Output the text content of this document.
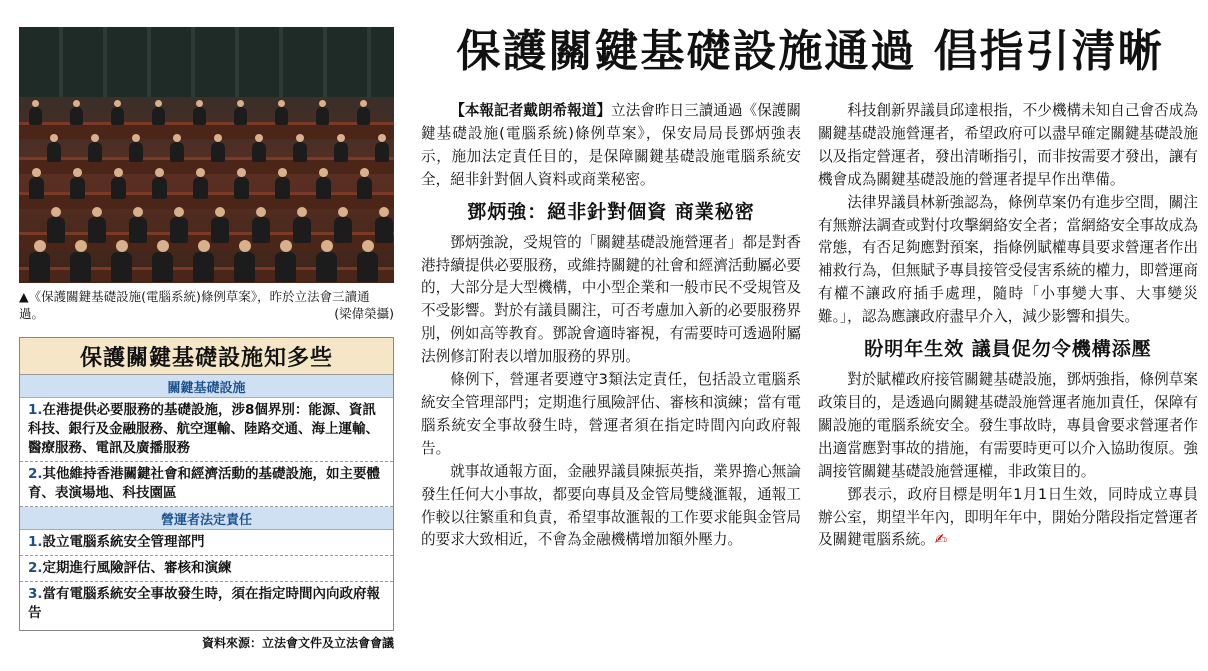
▲《保護關鍵基礎設施(電腦系統)條例草案》，昨於立法會三讀通過。	(梁偉榮攝)
保護關鍵基礎設施知多些
關鍵基礎設施
1.在港提供必要服務的基礎設施，涉8個界別：能源、資訊科技、銀行及金融服務、航空運輸、陸路交通、海上運輸、醫療服務、電訊及廣播服務
2.其他維持香港關鍵社會和經濟活動的基礎設施，如主要體育、表演場地、科技園區
營運者法定責任
1.設立電腦系統安全管理部門
2.定期進行風險評估、審核和演練
3.當有電腦系統安全事故發生時，須在指定時間內向政府報告
資料來源：立法會文件及立法會會議
保護關鍵基礎設施通過 倡指引清晰

【本報記者戴朗希報道】立法會昨日三讀通過《保護關鍵基礎設施(電腦系統)條例草案》，保安局局長鄧炳強表示，施加法定責任目的，是保障關鍵基礎設施電腦系統安全，絕非針對個人資料或商業秘密。

鄧炳強：絕非針對個資 商業秘密

鄧炳強說，受規管的「關鍵基礎設施營運者」都是對香港持續提供必要服務，或維持關鍵的社會和經濟活動屬必要的，大部分是大型機構，中小型企業和一般市民不受規管及不受影響。對於有議員關注，可否考慮加入新的必要服務界別，例如高等教育。鄧說會適時審視，有需要時可透過附屬法例修訂附表以增加服務的界別。

條例下，營運者要遵守3類法定責任，包括設立電腦系統安全管理部門；定期進行風險評估、審核和演練；當有電腦系統安全事故發生時，營運者須在指定時間內向政府報告。

就事故通報方面，金融界議員陳振英指，業界擔心無論發生任何大小事故，都要向專員及金管局雙綫滙報，通報工作較以往繁重和負責，希望事故滙報的工作要求能與金管局的要求大致相近，不會為金融機構增加額外壓力。

科技創新界議員邱達根指，不少機構未知自己會否成為關鍵基礎設施營運者，希望政府可以盡早確定關鍵基礎設施以及指定營運者，發出清晰指引，而非按需要才發出，讓有機會成為關鍵基礎設施的營運者提早作出準備。

法律界議員林新強認為，條例草案仍有進步空間，關注有無辦法調查或對付攻擊網絡安全者；當網絡安全事故成為常態，有否足夠應對預案，指條例賦權專員要求營運者作出補救行為，但無賦予專員接管受侵害系統的權力，即營運商有權不讓政府插手處理，隨時「小事變大事、大事變災難。」，認為應讓政府盡早介入，減少影響和損失。

盼明年生效 議員促勿令機構添壓

對於賦權政府接管關鍵基礎設施，鄧炳強指，條例草案政策目的，是透過向關鍵基礎設施營運者施加責任，保障有關設施的電腦系統安全。發生事故時，專員會要求營運者作出適當應對事故的措施，有需要時更可以介入協助復原。強調接管關鍵基礎設施營運權，非政策目的。

鄧表示，政府目標是明年1月1日生效，同時成立專員辦公室，期望半年內，即明年年中，開始分階段指定營運者及關鍵電腦系統。✍
